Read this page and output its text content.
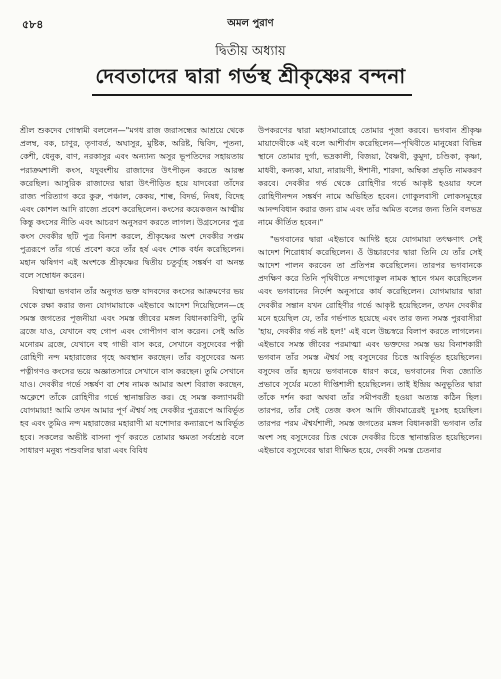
৫৮৪	অমল পুরাণ
দ্বিতীয় অধ্যায়
দেবতাদের দ্বারা গর্ভস্থ শ্রীকৃষ্ণের বন্দনা

শ্রীল শুকদেব গোস্বামী বললেন—"মগধ রাজ জরাসন্ধের আশ্রয়ে থেকে প্রলম্ব, বক, চাণুর, তৃণাবর্ত, অঘাসুর, মুষ্টিক, অরিষ্ট, দ্বিবিদ, পূতনা, কেশী, ধেনুক, বাণ, নরকাসুর এবং অন্যান্য অসুর ভূপতিদের সহায়তায় পরাক্রমশালী কংস, যদুবংশীয় রাজাদের উৎপীড়ন করতে আরম্ভ করেছিল। আসুরিক রাজাদের দ্বারা উৎপীড়িত হয়ে যাদবেরা তাঁদের রাজ্য পরিত্যাগ করে কুরু, পঞ্চাল, কেকয়, শাল্ব, বিদর্ভ, নিষধ, বিদেহ এবং কোশল আদি রাজ্যে প্রবেশ করেছিলেন। কংসের কয়েকজন আত্মীয় কিন্তু কংসের নীতি এবং আচরণ অনুসরণ করতে লাগল। উগ্রসেনের পুত্র কংস দেবকীর ছটি পুত্র বিনাশ করলে, শ্রীকৃষ্ণের অংশ দেবকীর সপ্তম পুত্ররূপে তাঁর গর্ভে প্রবেশ করে তাঁর হর্ষ এবং শোক বর্ধন করেছিলেন। মহান ঋষিগণ এই অংশকে শ্রীকৃষ্ণের দ্বিতীয় চতুর্ব্যূহ সঙ্কর্ষণ বা অনন্ত বলে সম্বোধন করেন।

বিশ্বাত্মা ভগবান তাঁর অনুগত ভক্ত যাদবদের কংসের আক্রমণের ভয় থেকে রক্ষা করার জন্য যোগমায়াকে এইভাবে আদেশ দিয়েছিলেন—হে সমস্ত জগতের পূজনীয়া এবং সমস্ত জীবের মঙ্গল বিধানকারিণী, তুমি ব্রজে যাও, যেখানে বহু গোপ এবং গোপীগণ বাস করেন। সেই অতি মনোরম ব্রজে, যেখানে বহু গাভী বাস করে, সেখানে বসুদেবের পত্নী রোহিণী নন্দ মহারাজের গৃহে অবস্থান করছেন। তাঁর বসুদেবের অন্য পত্নীগণও কংসের ভয়ে অজ্ঞাতসারে সেখানে বাস করছেন। তুমি সেখানে যাও। দেবকীর গর্ভে সঙ্কর্ষণ বা শেষ নামক আমার অংশ বিরাজ করছেন, অক্লেশে তাঁকে রোহিণীর গর্ভে স্থানান্তরিত কর। হে সমস্ত কল্যাণময়ী যোগমায়া! আমি তখন আমার পূর্ণ ঐশ্বর্য সহ দেবকীর পুত্ররূপে আবির্ভূত হব এবং তুমিও নন্দ মহারাজের মহারাণী মা যশোদার কন্যারূপে আবির্ভূত হবে। সকলের অভীষ্ট বাসনা পূর্ণ করতে তোমার ক্ষমতা সর্বশ্রেষ্ঠ বলে সাধারণ মনুষ্য পশুবলির দ্বারা এবং বিবিধ

উপকরণের দ্বারা মহাসমারোহে তোমার পূজা করবে। ভগবান শ্রীকৃষ্ণ মায়াদেবীকে এই বলে আশীর্বাদ করেছিলেন—পৃথিবীতে মানুষেরা বিভিন্ন স্থানে তোমার দুর্গা, ভদ্রকালী, বিজয়া, বৈষ্ণবী, কুমুদা, চণ্ডিকা, কৃষ্ণা, মাধবী, কন্যকা, মায়া, নারায়ণী, ঈশানী, শারদা, অম্বিকা প্রভৃতি নামকরণ করবে। দেবকীর গর্ভ থেকে রোহিণীর গর্ভে আকৃষ্ট হওয়ার ফলে রোহিণীনন্দন সঙ্কর্ষণ নামে অভিহিত হবেন। গোকুলবাসী লোকসমূহের আনন্দবিধান করার জন্য রাম এবং তাঁর অমিত বলের জন্য তিনি বলভদ্র নামে কীর্তিত হবেন।"

"ভগবানের দ্বারা এইভাবে আদিষ্ট হয়ে যোগমায়া তৎক্ষণাৎ সেই আদেশ শিরোধার্য করেছিলেন। ওঁ উচ্চারণের দ্বারা তিনি যে তাঁর সেই আদেশ পালন করবেন তা প্রতিপন্ন করেছিলেন। তারপর ভগবানকে প্রদক্ষিণ করে তিনি পৃথিবীতে নন্দগোকুল নামক স্থানে গমন করেছিলেন এবং ভগবানের নির্দেশ অনুসারে কার্য করেছিলেন। যোগমায়ার দ্বারা দেবকীর সন্তান যখন রোহিণীর গর্ভে আকৃষ্ট হয়েছিলেন, তখন দেবকীর মনে হয়েছিল যে, তাঁর গর্ভপাত হয়েছে এবং তার জন্য সমস্ত পুরবাসীরা 'হায়, দেবকীর গর্ভ নষ্ট হল!' এই বলে উচ্চস্বরে বিলাপ করতে লাগলেন। এইভাবে সমস্ত জীবের পরমাত্মা এবং ভক্তদের সমস্ত ভয় বিনাশকারী ভগবান তাঁর সমস্ত ঐশ্বর্য সহ বসুদেবের চিত্তে আবির্ভূত হয়েছিলেন। বসুদেব তাঁর হৃদয়ে ভগবানকে ধারণ করে, ভগবানের দিব্য জ্যোতি প্রভাবে সূর্যের মতো দীপ্তিশালী হয়েছিলেন। তাই ইন্দ্রিয় অনুভূতির দ্বারা তাঁকে দর্শন করা অথবা তাঁর সমীপবর্তী হওয়া অত্যন্ত কঠিন ছিল। তারপর, তাঁর সেই তেজ কংস আদি জীবমাত্রেরই দুঃসহ হয়েছিল। তারপর পরম ঐশ্বর্যশালী, সমস্ত জগতের মঙ্গল বিধানকারী ভগবান তাঁর অংশ সহ বসুদেবের চিত্ত থেকে দেবকীর চিত্তে স্থানান্তরিত হয়েছিলেন। এইভাবে বসুদেবের দ্বারা দীক্ষিত হয়ে, দেবকী সমস্ত চেতনার
